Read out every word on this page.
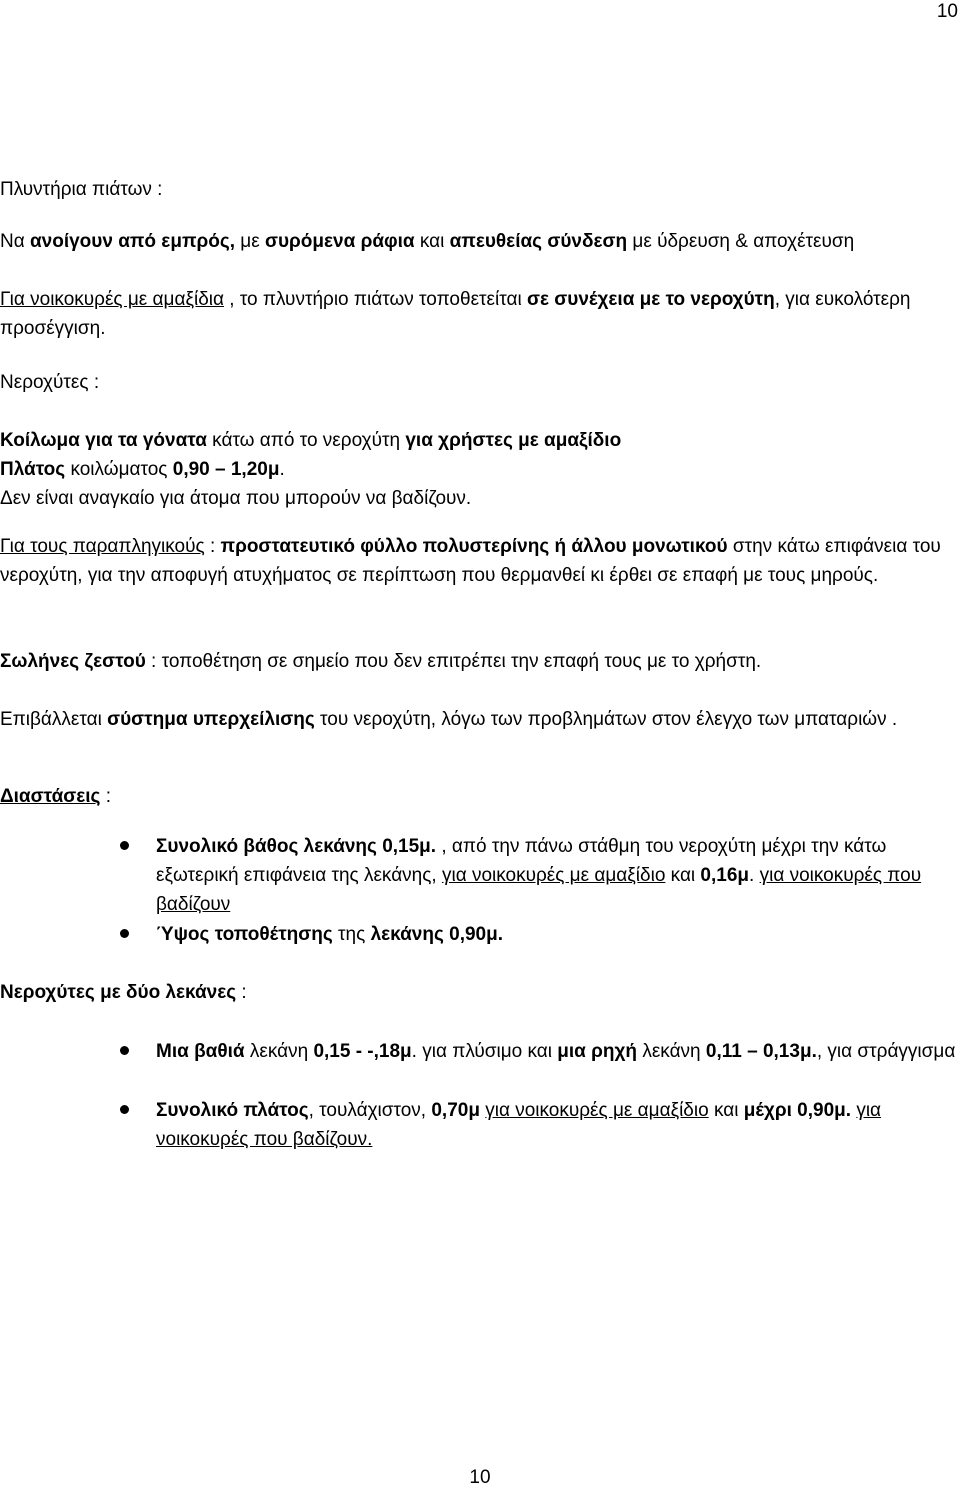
10
Πλυντήρια πιάτων :
Να ανοίγουν από εμπρός, με συρόμενα ράφια και απευθείας σύνδεση με ύδρευση & αποχέτευση
Για νοικοκυρές με αμαξίδια , το πλυντήριο πιάτων τοποθετείται σε συνέχεια με το νεροχύτη, για ευκολότερη προσέγγιση.
Νεροχύτες :
Κοίλωμα για τα γόνατα κάτω από το νεροχύτη για χρήστες με αμαξίδιο
Πλάτος κοιλώματος 0,90 – 1,20μ.
Δεν είναι αναγκαίο για άτομα που μπορούν να βαδίζουν.
Για τους παραπληγικούς : προστατευτικό φύλλο πολυστερίνης ή άλλου μονωτικού στην κάτω επιφάνεια του νεροχύτη, για την αποφυγή ατυχήματος σε περίπτωση που θερμανθεί κι έρθει σε επαφή με τους μηρούς.
Σωλήνες ζεστού : τοποθέτηση σε σημείο που δεν επιτρέπει την επαφή τους με το χρήστη.
Επιβάλλεται σύστημα υπερχείλισης του νεροχύτη, λόγω των προβλημάτων στον έλεγχο των μπαταριών .
Διαστάσεις :
Συνολικό βάθος λεκάνης 0,15μ. , από την πάνω στάθμη του νεροχύτη μέχρι την κάτω εξωτερική επιφάνεια της λεκάνης, για νοικοκυρές με αμαξίδιο και 0,16μ. για νοικοκυρές που βαδίζουν
Ύψος τοποθέτησης της λεκάνης 0,90μ.
Νεροχύτες με δύο λεκάνες :
Μια βαθιά λεκάνη 0,15 - -,18μ. για πλύσιμο και μια ρηχή λεκάνη 0,11 – 0,13μ., για στράγγισμα
Συνολικό πλάτος, τουλάχιστον, 0,70μ για νοικοκυρές με αμαξίδιο και μέχρι 0,90μ. για νοικοκυρές που βαδίζουν.
10
